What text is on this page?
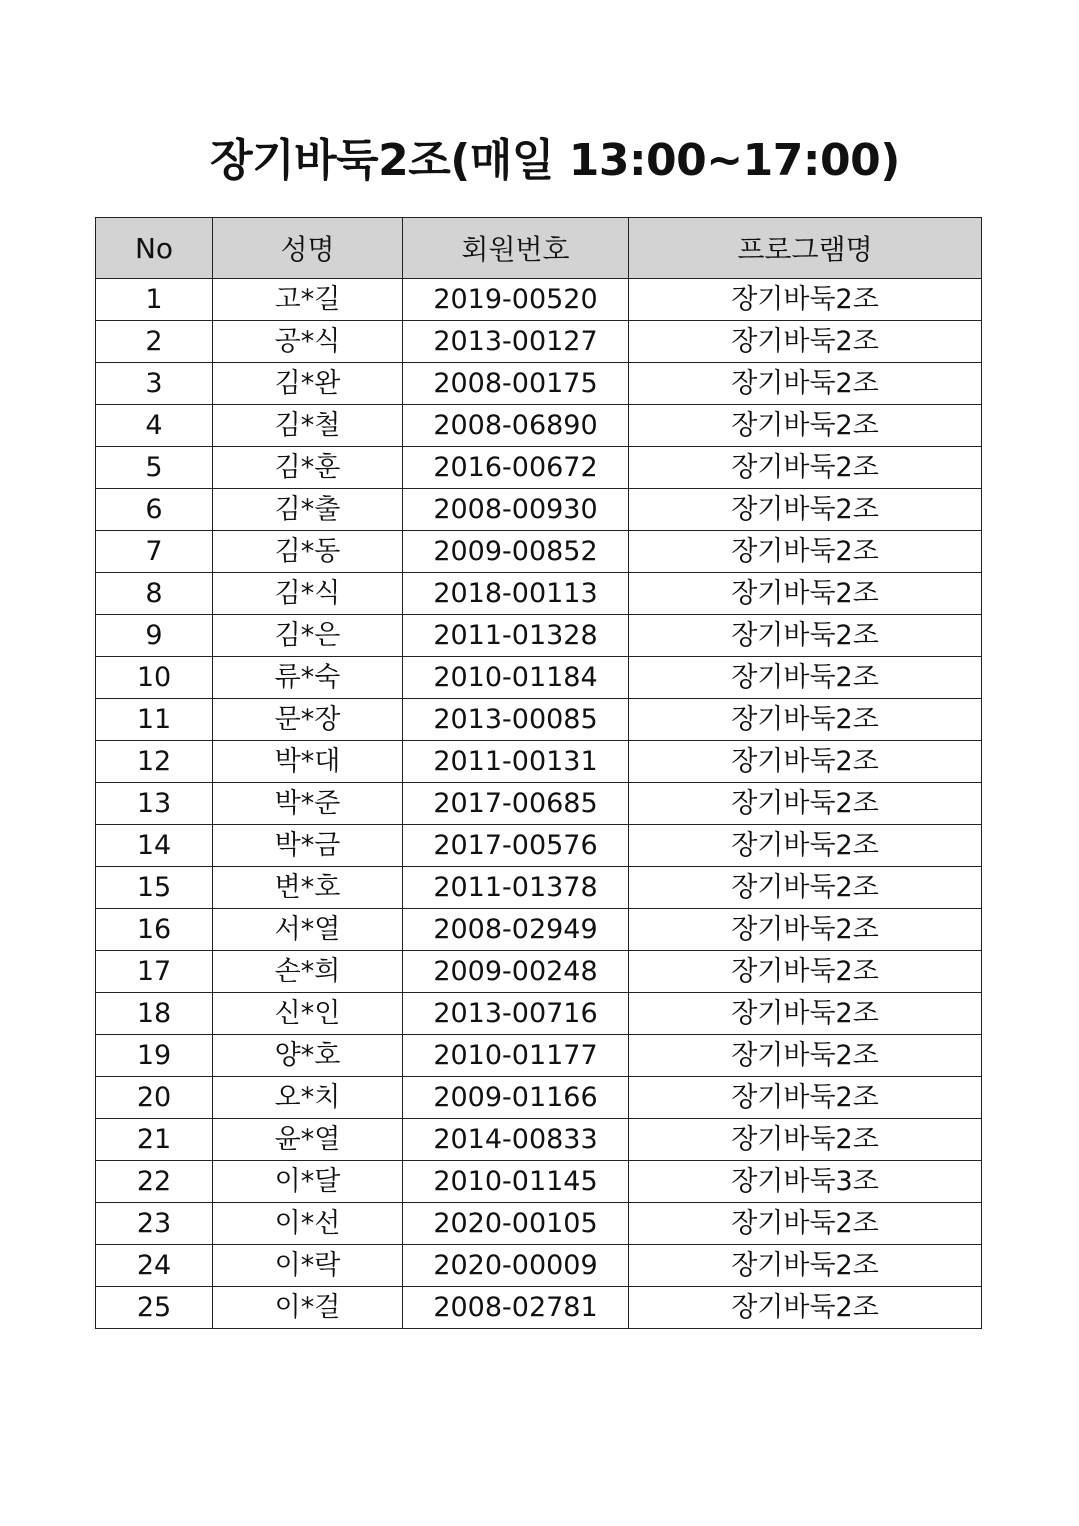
장기바둑2조(매일 13:00~17:00)
No	성명	회원번호	프로그램명
1	고*길	2019-00520	장기바둑2조
2	공*식	2013-00127	장기바둑2조
3	김*완	2008-00175	장기바둑2조
4	김*철	2008-06890	장기바둑2조
5	김*훈	2016-00672	장기바둑2조
6	김*출	2008-00930	장기바둑2조
7	김*동	2009-00852	장기바둑2조
8	김*식	2018-00113	장기바둑2조
9	김*은	2011-01328	장기바둑2조
10	류*숙	2010-01184	장기바둑2조
11	문*장	2013-00085	장기바둑2조
12	박*대	2011-00131	장기바둑2조
13	박*준	2017-00685	장기바둑2조
14	박*금	2017-00576	장기바둑2조
15	변*호	2011-01378	장기바둑2조
16	서*열	2008-02949	장기바둑2조
17	손*희	2009-00248	장기바둑2조
18	신*인	2013-00716	장기바둑2조
19	양*호	2010-01177	장기바둑2조
20	오*치	2009-01166	장기바둑2조
21	윤*열	2014-00833	장기바둑2조
22	이*달	2010-01145	장기바둑3조
23	이*선	2020-00105	장기바둑2조
24	이*락	2020-00009	장기바둑2조
25	이*걸	2008-02781	장기바둑2조
